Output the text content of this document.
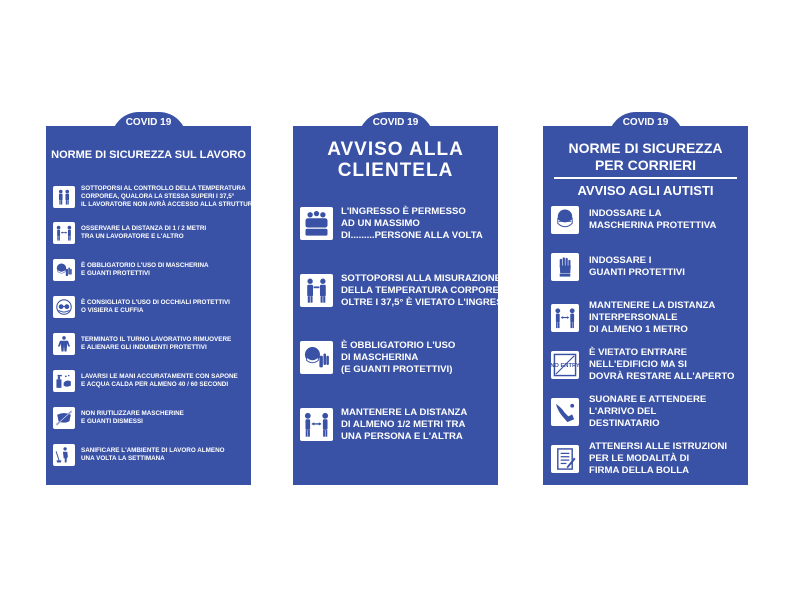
COVID 19
NORME DI SICUREZZA SUL LAVORO
SOTTOPORSI AL CONTROLLO DELLA TEMPERATURA
CORPOREA, QUALORA LA STESSA SUPERI I 37,5°
IL LAVORATORE NON AVRÀ ACCESSO ALLA STRUTTURA
OSSERVARE LA DISTANZA DI 1 / 2 METRI
TRA UN LAVORATORE E L'ALTRO
È OBBLIGATORIO L'USO DI MASCHERINA
E GUANTI PROTETTIVI
È CONSIGLIATO L'USO DI OCCHIALI PROTETTIVI
O VISIERA E CUFFIA
TERMINATO IL TURNO LAVORATIVO RIMUOVERE
E ALIENARE GLI INDUMENTI PROTETTIVI
LAVARSI LE MANI ACCURATAMENTE CON SAPONE
E ACQUA CALDA PER ALMENO 40 / 60 SECONDI
NON RIUTILIZZARE MASCHERINE
E GUANTI DISMESSI
SANIFICARE L'AMBIENTE DI LAVORO ALMENO
UNA VOLTA LA SETTIMANA
COVID 19
AVVISO ALLA
CLIENTELA
L'INGRESSO È PERMESSO
AD UN MASSIMO
DI.........PERSONE ALLA VOLTA
SOTTOPORSI ALLA MISURAZIONE
DELLA TEMPERATURA CORPOREA,
OLTRE I 37,5° È VIETATO L'INGRESSO
È OBBLIGATORIO L'USO
DI MASCHERINA
(E GUANTI PROTETTIVI)
MANTENERE LA DISTANZA
DI ALMENO 1/2 METRI TRA
UNA PERSONA E L'ALTRA
COVID 19
NORME DI SICUREZZA
PER CORRIERI
AVVISO AGLI AUTISTI
INDOSSARE LA
MASCHERINA PROTETTIVA
INDOSSARE I
GUANTI PROTETTIVI
MANTENERE LA DISTANZA
INTERPERSONALE
DI ALMENO 1 METRO
NO ENTRY
È VIETATO ENTRARE
NELL'EDIFICIO MA SI
DOVRÀ RESTARE ALL'APERTO
SUONARE E ATTENDERE
L'ARRIVO DEL
DESTINATARIO
ATTENERSI ALLE ISTRUZIONI
PER LE MODALITÀ DI
FIRMA DELLA BOLLA
